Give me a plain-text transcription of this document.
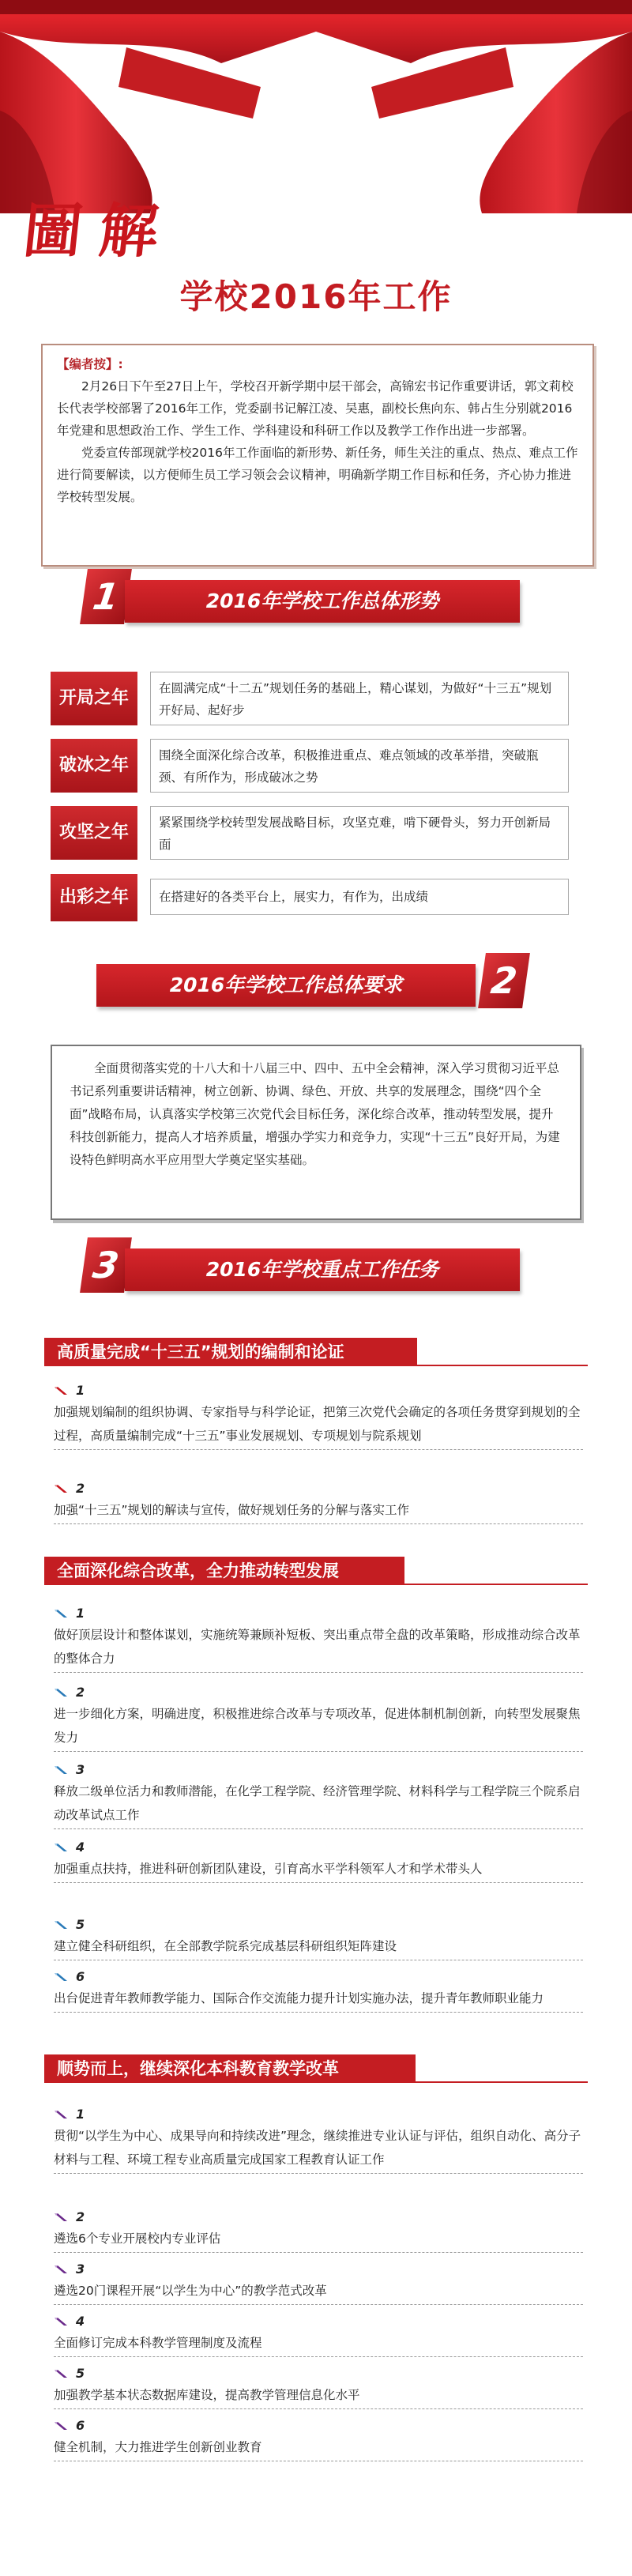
圖 解
学校2016年工作
【编者按】:

2月26日下午至27日上午，学校召开新学期中层干部会，高锦宏书记作重要讲话，郭文莉校长代表学校部署了2016年工作，党委副书记解江凌、吴惠，副校长焦向东、韩占生分别就2016年党建和思想政治工作、学生工作、学科建设和科研工作以及教学工作作出进一步部署。

党委宣传部现就学校2016年工作面临的新形势、新任务，师生关注的重点、热点、难点工作进行简要解读，以方便师生员工学习领会会议精神，明确新学期工作目标和任务，齐心协力推进学校转型发展。

1	2016年学校工作总体形势
开局之年	在圆满完成“十二五”规划任务的基础上，精心谋划，为做好“十三五”规划开好局、起好步
破冰之年	围绕全面深化综合改革，积极推进重点、难点领域的改革举措，突破瓶颈、有所作为，形成破冰之势
攻坚之年	紧紧围绕学校转型发展战略目标，攻坚克难，啃下硬骨头，努力开创新局面
出彩之年	在搭建好的各类平台上，展实力，有作为，出成绩
2016年学校工作总体要求	2
全面贯彻落实党的十八大和十八届三中、四中、五中全会精神，深入学习贯彻习近平总书记系列重要讲话精神，树立创新、协调、绿色、开放、共享的发展理念，围绕“四个全面”战略布局，认真落实学校第三次党代会目标任务，深化综合改革，推动转型发展，提升科技创新能力，提高人才培养质量，增强办学实力和竞争力，实现“十三五”良好开局，为建设特色鲜明高水平应用型大学奠定坚实基础。
3	2016年学校重点工作任务
高质量完成“十三五”规划的编制和论证
1
加强规划编制的组织协调、专家指导与科学论证，把第三次党代会确定的各项任务贯穿到规划的全过程，高质量编制完成“十三五”事业发展规划、专项规划与院系规划
2
加强“十三五”规划的解读与宣传，做好规划任务的分解与落实工作
全面深化综合改革，全力推动转型发展
1
做好顶层设计和整体谋划，实施统筹兼顾补短板、突出重点带全盘的改革策略，形成推动综合改革的整体合力
2
进一步细化方案，明确进度，积极推进综合改革与专项改革，促进体制机制创新，向转型发展聚焦发力
3
释放二级单位活力和教师潜能，在化学工程学院、经济管理学院、材料科学与工程学院三个院系启动改革试点工作
4
加强重点扶持，推进科研创新团队建设，引育高水平学科领军人才和学术带头人
5
建立健全科研组织，在全部教学院系完成基层科研组织矩阵建设
6
出台促进青年教师教学能力、国际合作交流能力提升计划实施办法，提升青年教师职业能力
顺势而上，继续深化本科教育教学改革
1
贯彻“以学生为中心、成果导向和持续改进”理念，继续推进专业认证与评估，组织自动化、高分子材料与工程、环境工程专业高质量完成国家工程教育认证工作
2
遴选6个专业开展校内专业评估
3
遴选20门课程开展“以学生为中心”的教学范式改革
4
全面修订完成本科教学管理制度及流程
5
加强教学基本状态数据库建设，提高教学管理信息化水平
6
健全机制，大力推进学生创新创业教育
